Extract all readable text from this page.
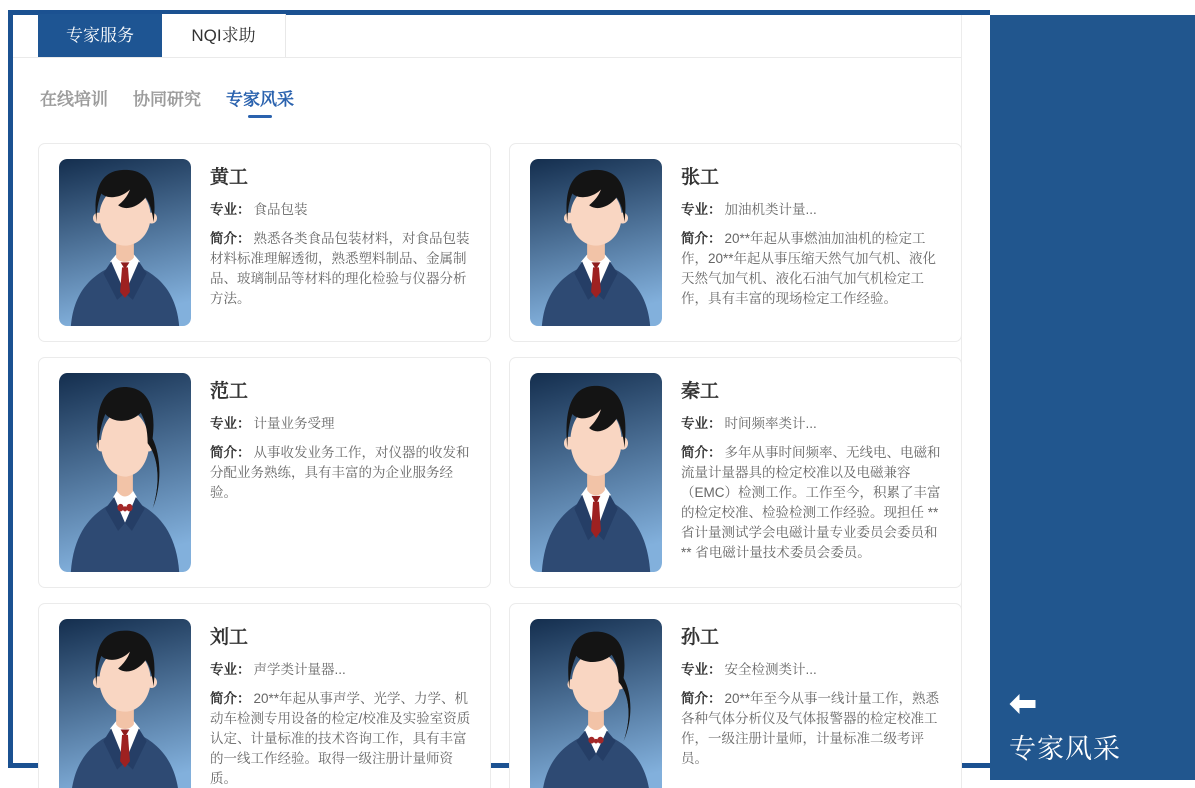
专家服务	NQI求助
在线培训 协同研究 专家风采
黄工

专业： 食品包装

简介： 熟悉各类食品包装材料，对食品包装材料标准理解透彻，熟悉塑料制品、金属制品、玻璃制品等材料的理化检验与仪器分析方法。

张工

专业： 加油机类计量...

简介： 20**年起从事燃油加油机的检定工作，20**年起从事压缩天然气加气机、液化天然气加气机、液化石油气加气机检定工作，具有丰富的现场检定工作经验。

范工

专业： 计量业务受理

简介： 从事收发业务工作，对仪器的收发和分配业务熟练，具有丰富的为企业服务经验。

秦工

专业： 时间频率类计...

简介： 多年从事时间频率、无线电、电磁和流量计量器具的检定校准以及电磁兼容（EMC）检测工作。工作至今，积累了丰富的检定校准、检验检测工作经验。现担任 ** 省计量测试学会电磁计量专业委员会委员和 ** 省电磁计量技术委员会委员。

刘工

专业： 声学类计量器...

简介： 20**年起从事声学、光学、力学、机动车检测专用设备的检定/校准及实验室资质认定、计量标准的技术咨询工作，具有丰富的一线工作经验。取得一级注册计量师资质。

孙工

专业： 安全检测类计...

简介： 20**年至今从事一线计量工作，熟悉各种气体分析仪及气体报警器的检定校准工作，一级注册计量师，计量标准二级考评员。	专家风采
